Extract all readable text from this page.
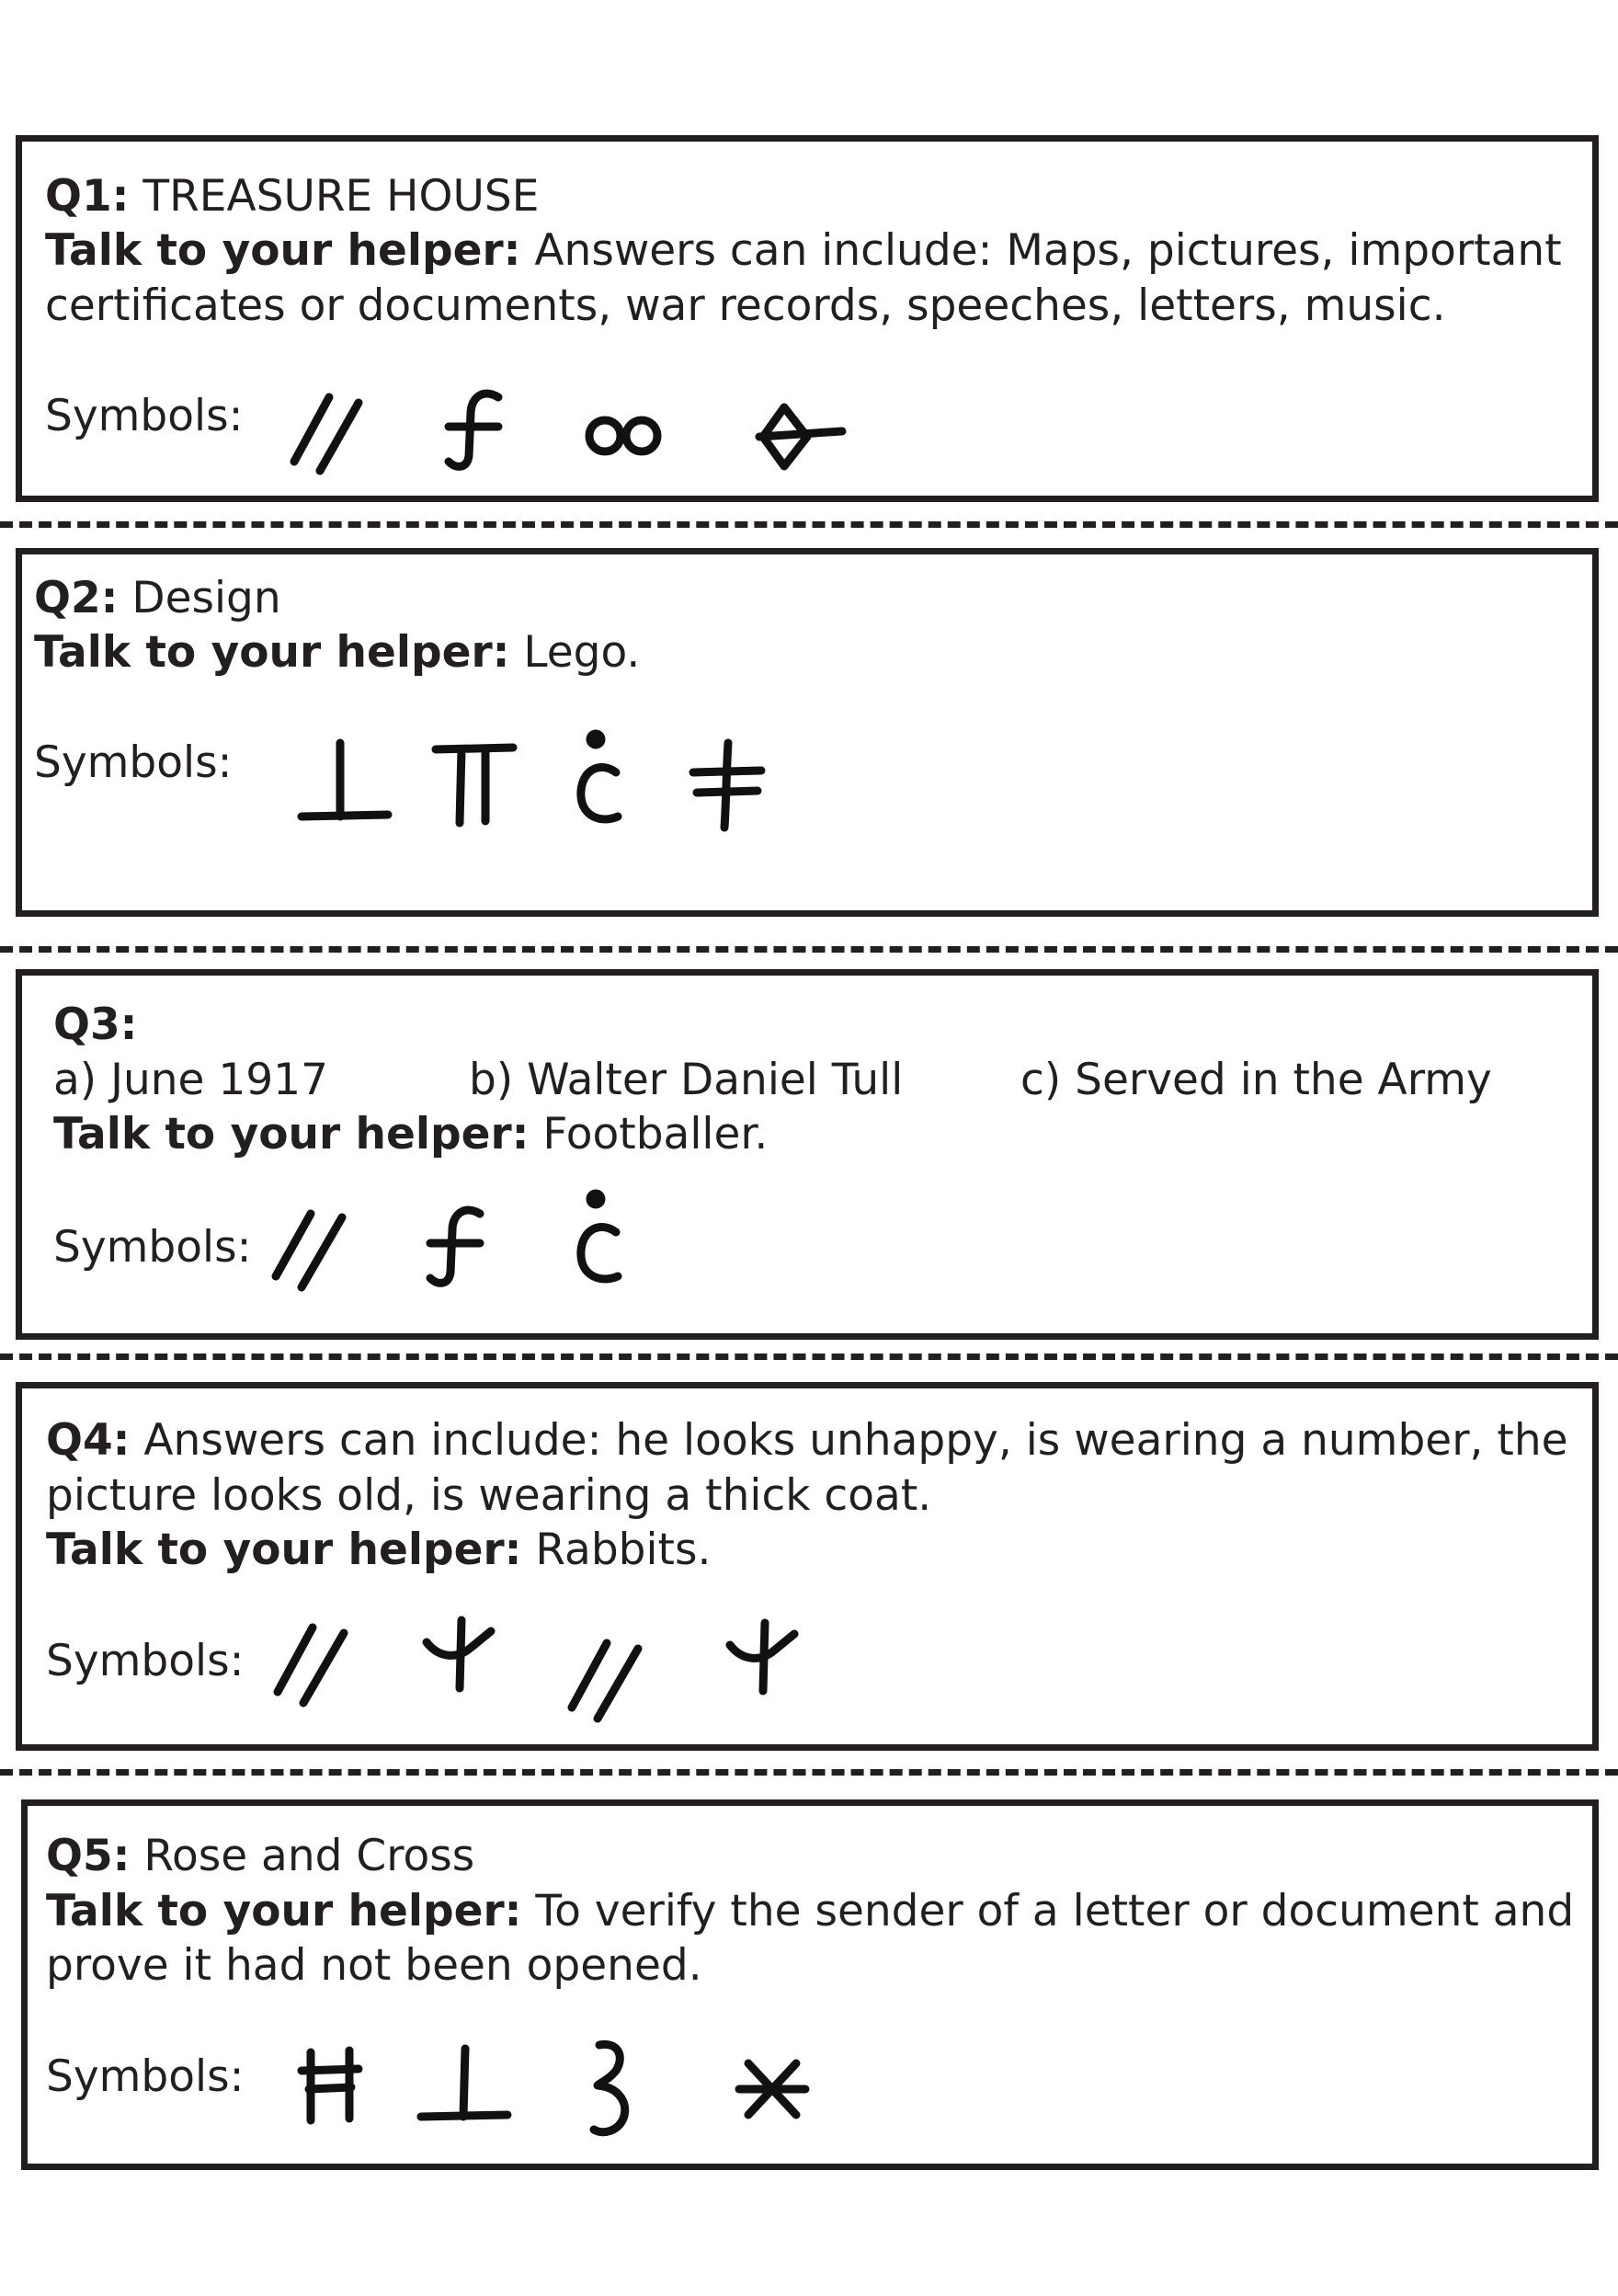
Q1: TREASURE HOUSE

Talk to your helper: Answers can include: Maps, pictures, important

certificates or documents, war records, speeches, letters, music.

Symbols:

Q2: Design

Talk to your helper: Lego.

Symbols:

Q3:

a) June 1917	b) Walter Daniel Tull	c) Served in the Army

Talk to your helper: Footballer.

Symbols:

Q4: Answers can include: he looks unhappy, is wearing a number, the

picture looks old, is wearing a thick coat.

Talk to your helper: Rabbits.

Symbols:

Q5: Rose and Cross

Talk to your helper: To verify the sender of a letter or document and

prove it had not been opened.

Symbols:
